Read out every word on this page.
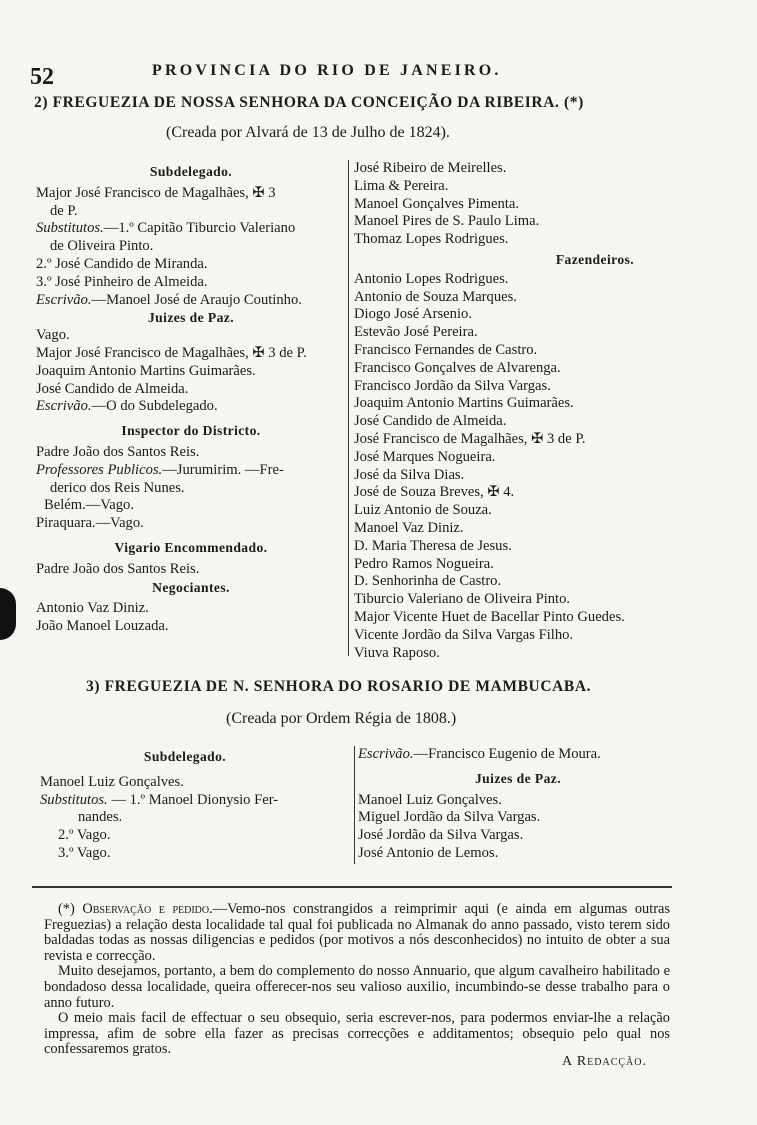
52	PROVINCIA DO RIO DE JANEIRO.
2) FREGUEZIA DE NOSSA SENHORA DA CONCEIÇÃO DA RIBEIRA. (*)
(Creada por Alvará de 13 de Julho de 1824).
Subdelegado.
Major José Francisco de Magalhães, ✠ 3
de P.
Substitutos.—1.º Capitão Tiburcio Valeriano
de Oliveira Pinto.
2.º José Candido de Miranda.
3.º José Pinheiro de Almeida.
Escrivão.—Manoel José de Araujo Coutinho.
Juizes de Paz.
Vago.
Major José Francisco de Magalhães, ✠ 3 de P.
Joaquim Antonio Martins Guimarães.
José Candido de Almeida.
Escrivão.—O do Subdelegado.
Inspector do Districto.
Padre João dos Santos Reis.
Professores Publicos.—Jurumirim. —Fre-
derico dos Reis Nunes.
Belém.—Vago.
Piraquara.—Vago.
Vigario Encommendado.
Padre João dos Santos Reis.
Negociantes.
Antonio Vaz Diniz.
João Manoel Louzada.
José Ribeiro de Meirelles.
Lima & Pereira.
Manoel Gonçalves Pimenta.
Manoel Pires de S. Paulo Lima.
Thomaz Lopes Rodrigues.
Fazendeiros.
Antonio Lopes Rodrigues.
Antonio de Souza Marques.
Diogo José Arsenio.
Estevão José Pereira.
Francisco Fernandes de Castro.
Francisco Gonçalves de Alvarenga.
Francisco Jordão da Silva Vargas.
Joaquim Antonio Martins Guimarães.
José Candido de Almeida.
José Francisco de Magalhães, ✠ 3 de P.
José Marques Nogueira.
José da Silva Dias.
José de Souza Breves, ✠ 4.
Luiz Antonio de Souza.
Manoel Vaz Diniz.
D. Maria Theresa de Jesus.
Pedro Ramos Nogueira.
D. Senhorinha de Castro.
Tiburcio Valeriano de Oliveira Pinto.
Major Vicente Huet de Bacellar Pinto Guedes.
Vicente Jordão da Silva Vargas Filho.
Viuva Raposo.
3) FREGUEZIA DE N. SENHORA DO ROSARIO DE MAMBUCABA.
(Creada por Ordem Régia de 1808.)
Subdelegado.
Manoel Luiz Gonçalves.
Substitutos. — 1.º Manoel Dionysio Fer-
nandes.
2.º Vago.
3.º Vago.
Escrivão.—Francisco Eugenio de Moura.
Juizes de Paz.
Manoel Luiz Gonçalves.
Miguel Jordão da Silva Vargas.
José Jordão da Silva Vargas.
José Antonio de Lemos.

(*) Observação e pedido.—Vemo-nos constrangidos a reimprimir aqui (e ainda em algumas outras Freguezias) a relação desta localidade tal qual foi publicada no Almanak do anno passado, visto terem sido baldadas todas as nossas diligencias e pedidos (por motivos a nós desconhecidos) no intuito de obter a sua revista e correcção.

Muito desejamos, portanto, a bem do complemento do nosso Annuario, que algum cavalheiro habilitado e bondadoso dessa localidade, queira offerecer-nos seu valioso auxilio, incumbindo-se desse trabalho para o anno futuro.

O meio mais facil de effectuar o seu obsequio, seria escrever-nos, para podermos enviar-lhe a relação impressa, afim de sobre ella fazer as precisas correcções e additamentos; obsequio pelo qual nos confessaremos gratos.

A Redacção.
